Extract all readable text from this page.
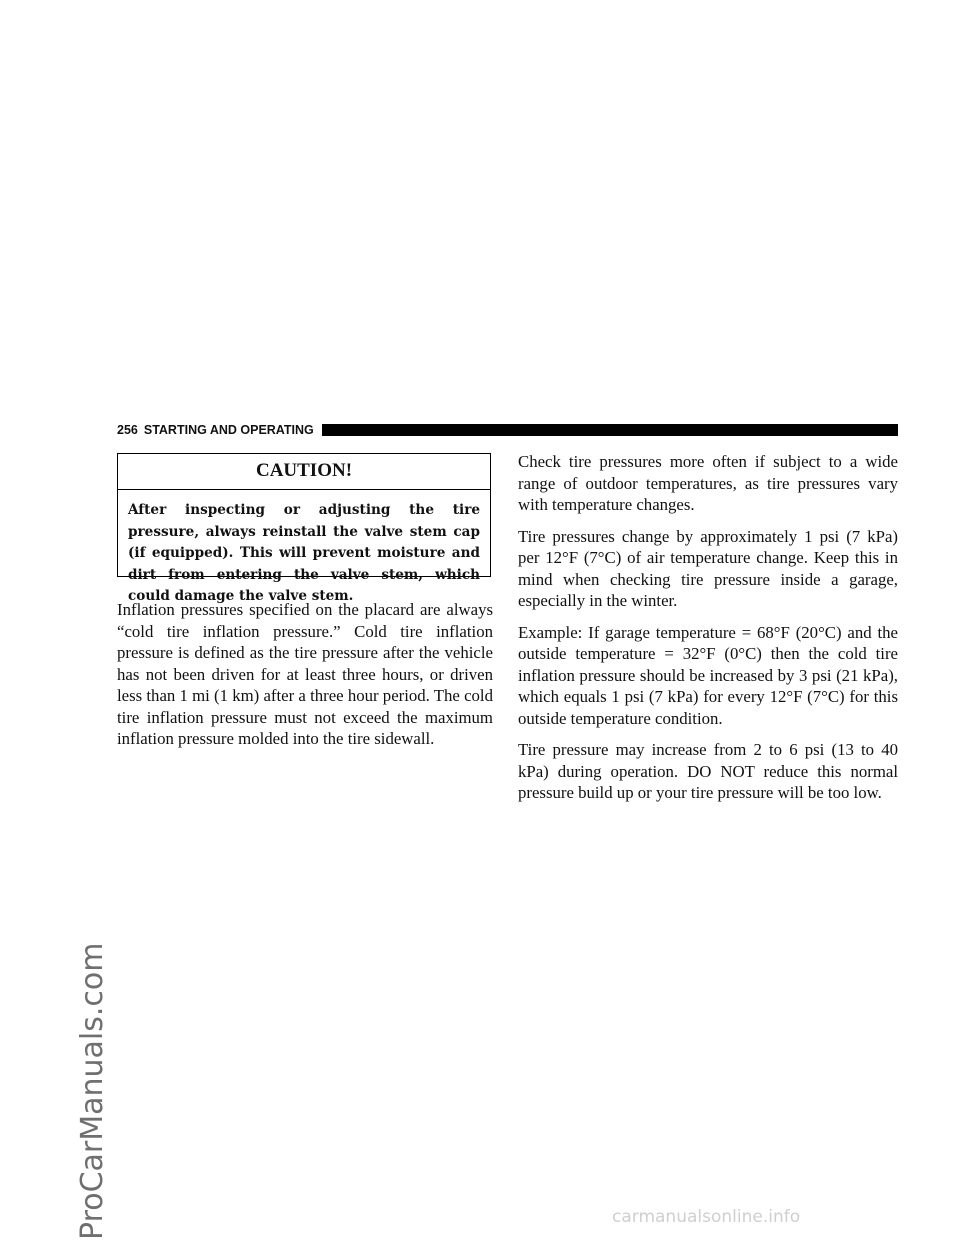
ProCarManuals.com
256 STARTING AND OPERATING
CAUTION!
After inspecting or adjusting the tire pressure, always reinstall the valve stem cap (if equipped). This will prevent moisture and dirt from entering the valve stem, which could damage the valve stem.

Inflation pressures specified on the placard are always “cold tire inflation pressure.” Cold tire inflation pressure is defined as the tire pressure after the vehicle has not been driven for at least three hours, or driven less than 1 mi (1 km) after a three hour period. The cold tire inflation pressure must not exceed the maximum inflation pressure molded into the tire sidewall.

Check tire pressures more often if subject to a wide range of outdoor temperatures, as tire pressures vary with temperature changes.

Tire pressures change by approximately 1 psi (7 kPa) per 12°F (7°C) of air temperature change. Keep this in mind when checking tire pressure inside a garage, especially in the winter.

Example: If garage temperature = 68°F (20°C) and the outside temperature = 32°F (0°C) then the cold tire inflation pressure should be increased by 3 psi (21 kPa), which equals 1 psi (7 kPa) for every 12°F (7°C) for this outside temperature condition.

Tire pressure may increase from 2 to 6 psi (13 to 40 kPa) during operation. DO NOT reduce this normal pressure build up or your tire pressure will be too low.

carmanualsonline.info
